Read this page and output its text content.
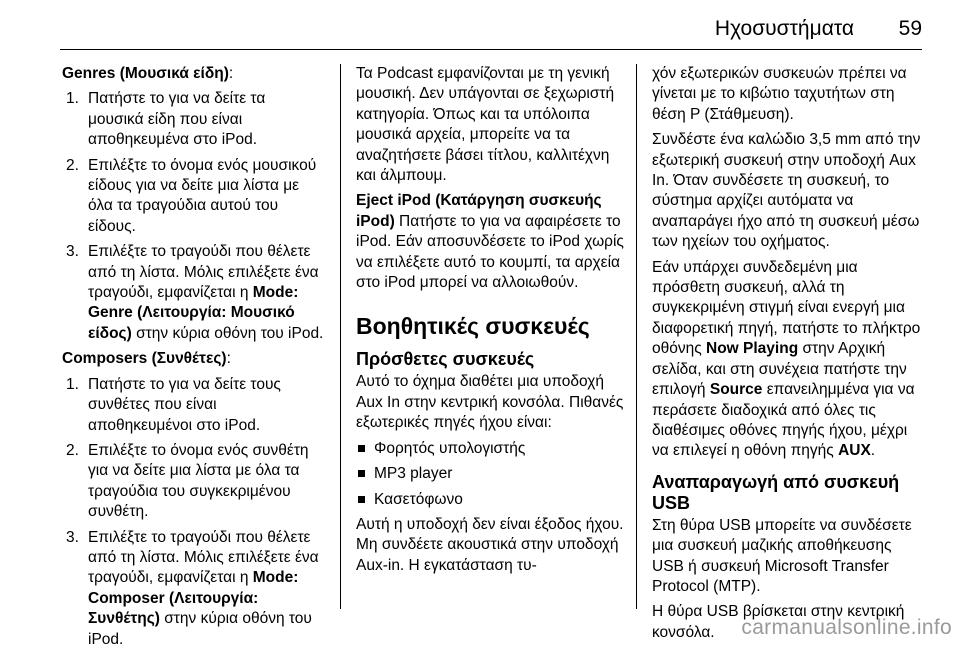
Ηχοσυστήματα 59

Genres (Μουσικά είδη):

1. Πατήστε το για να δείτε τα μουσικά είδη που είναι αποθηκευμένα στο iPod.
2. Επιλέξτε το όνομα ενός μουσικού είδους για να δείτε μια λίστα με όλα τα τραγούδια αυτού του είδους.
3. Επιλέξτε το τραγούδι που θέλετε από τη λίστα. Μόλις επιλέξετε ένα τραγούδι, εμφανίζεται η Mode: Genre (Λειτουργία: Μουσικό είδος) στην κύρια οθόνη του iPod.

Composers (Συνθέτες):

1. Πατήστε το για να δείτε τους συνθέτες που είναι αποθηκευμένοι στο iPod.
2. Επιλέξτε το όνομα ενός συνθέτη για να δείτε μια λίστα με όλα τα τραγούδια του συγκεκριμένου συνθέτη.
3. Επιλέξτε το τραγούδι που θέλετε από τη λίστα. Μόλις επιλέξετε ένα τραγούδι, εμφανίζεται η Mode: Composer (Λειτουργία: Συνθέτης) στην κύρια οθόνη του iPod.

Τα Podcast εμφανίζονται με τη γενική μουσική. Δεν υπάγονται σε ξεχωριστή κατηγορία. Όπως και τα υπόλοιπα μουσικά αρχεία, μπορείτε να τα αναζητήσετε βάσει τίτλου, καλλιτέχνη και άλμπουμ.

Eject iPod (Κατάργηση συσκευής iPod) Πατήστε το για να αφαιρέσετε το iPod. Εάν αποσυνδέσετε το iPod χωρίς να επιλέξετε αυτό το κουμπί, τα αρχεία στο iPod μπορεί να αλλοιωθούν.

Βοηθητικές συσκευές
Πρόσθετες συσκευές

Αυτό το όχημα διαθέτει μια υποδοχή Aux In στην κεντρική κονσόλα. Πιθανές εξωτερικές πηγές ήχου είναι:

Φορητός υπολογιστής
MP3 player
Κασετόφωνο

Αυτή η υποδοχή δεν είναι έξοδος ήχου. Μη συνδέετε ακουστικά στην υποδοχή Aux-in. Η εγκατάσταση τυ-

χόν εξωτερικών συσκευών πρέπει να γίνεται με το κιβώτιο ταχυτήτων στη θέση P (Στάθμευση).

Συνδέστε ένα καλώδιο 3,5 mm από την εξωτερική συσκευή στην υποδοχή Aux In. Όταν συνδέσετε τη συσκευή, το σύστημα αρχίζει αυτόματα να αναπαράγει ήχο από τη συσκευή μέσω των ηχείων του οχήματος.

Εάν υπάρχει συνδεδεμένη μια πρόσθετη συσκευή, αλλά τη συγκεκριμένη στιγμή είναι ενεργή μια διαφορετική πηγή, πατήστε το πλήκτρο οθόνης Now Playing στην Αρχική σελίδα, και στη συνέχεια πατήστε την επιλογή Source επανειλημμένα για να περάσετε διαδοχικά από όλες τις διαθέσιμες οθόνες πηγής ήχου, μέχρι να επιλεγεί η οθόνη πηγής AUX.

Αναπαραγωγή από συσκευή USB

Στη θύρα USB μπορείτε να συνδέσετε μια συσκευή μαζικής αποθήκευσης USB ή συσκευή Microsoft Transfer Protocol (MTP).

Η θύρα USB βρίσκεται στην κεντρική κονσόλα.	carmanualsonline.info
